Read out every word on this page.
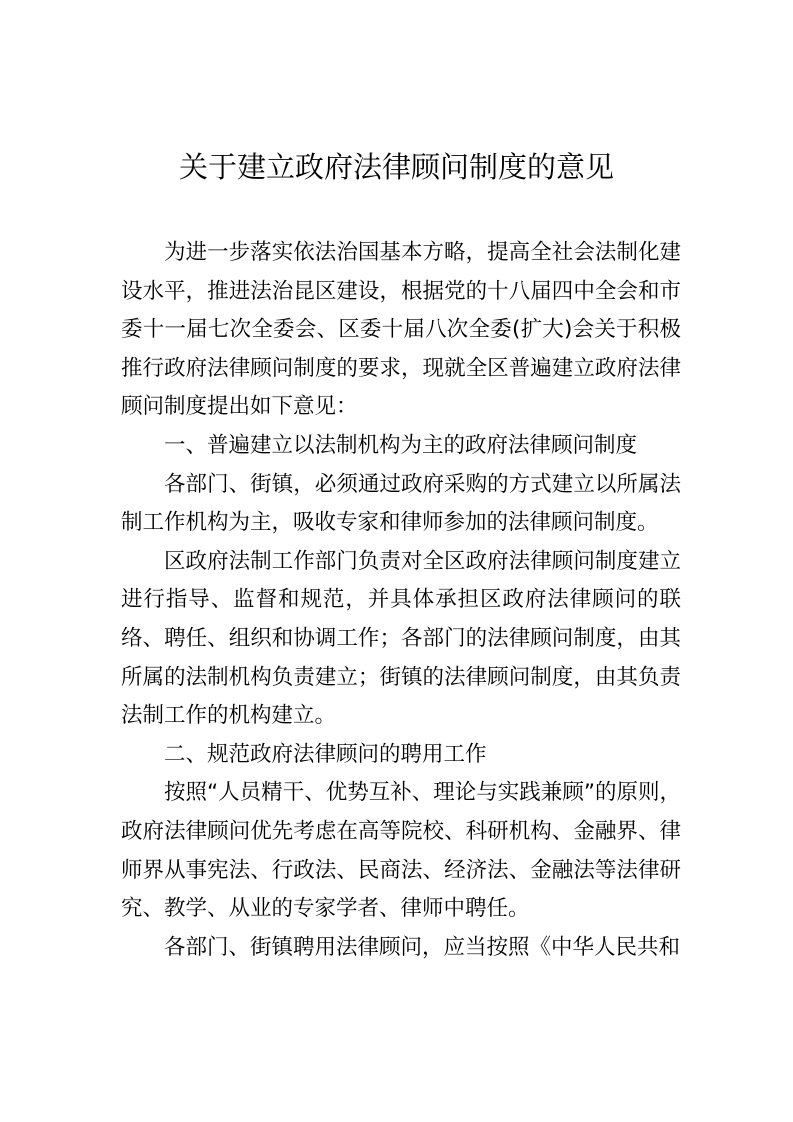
关于建立政府法律顾问制度的意见

为进一步落实依法治国基本方略，提高全社会法制化建设水平，推进法治昆区建设，根据党的十八届四中全会和市委十一届七次全委会、区委十届八次全委(扩大)会关于积极推行政府法律顾问制度的要求，现就全区普遍建立政府法律顾问制度提出如下意见：

一、普遍建立以法制机构为主的政府法律顾问制度

各部门、街镇，必须通过政府采购的方式建立以所属法制工作机构为主，吸收专家和律师参加的法律顾问制度。

区政府法制工作部门负责对全区政府法律顾问制度建立进行指导、监督和规范，并具体承担区政府法律顾问的联络、聘任、组织和协调工作；各部门的法律顾问制度，由其所属的法制机构负责建立；街镇的法律顾问制度，由其负责法制工作的机构建立。

二、规范政府法律顾问的聘用工作

按照“人员精干、优势互补、理论与实践兼顾”的原则，政府法律顾问优先考虑在高等院校、科研机构、金融界、律师界从事宪法、行政法、民商法、经济法、金融法等法律研究、教学、从业的专家学者、律师中聘任。

各部门、街镇聘用法律顾问，应当按照《中华人民共和
